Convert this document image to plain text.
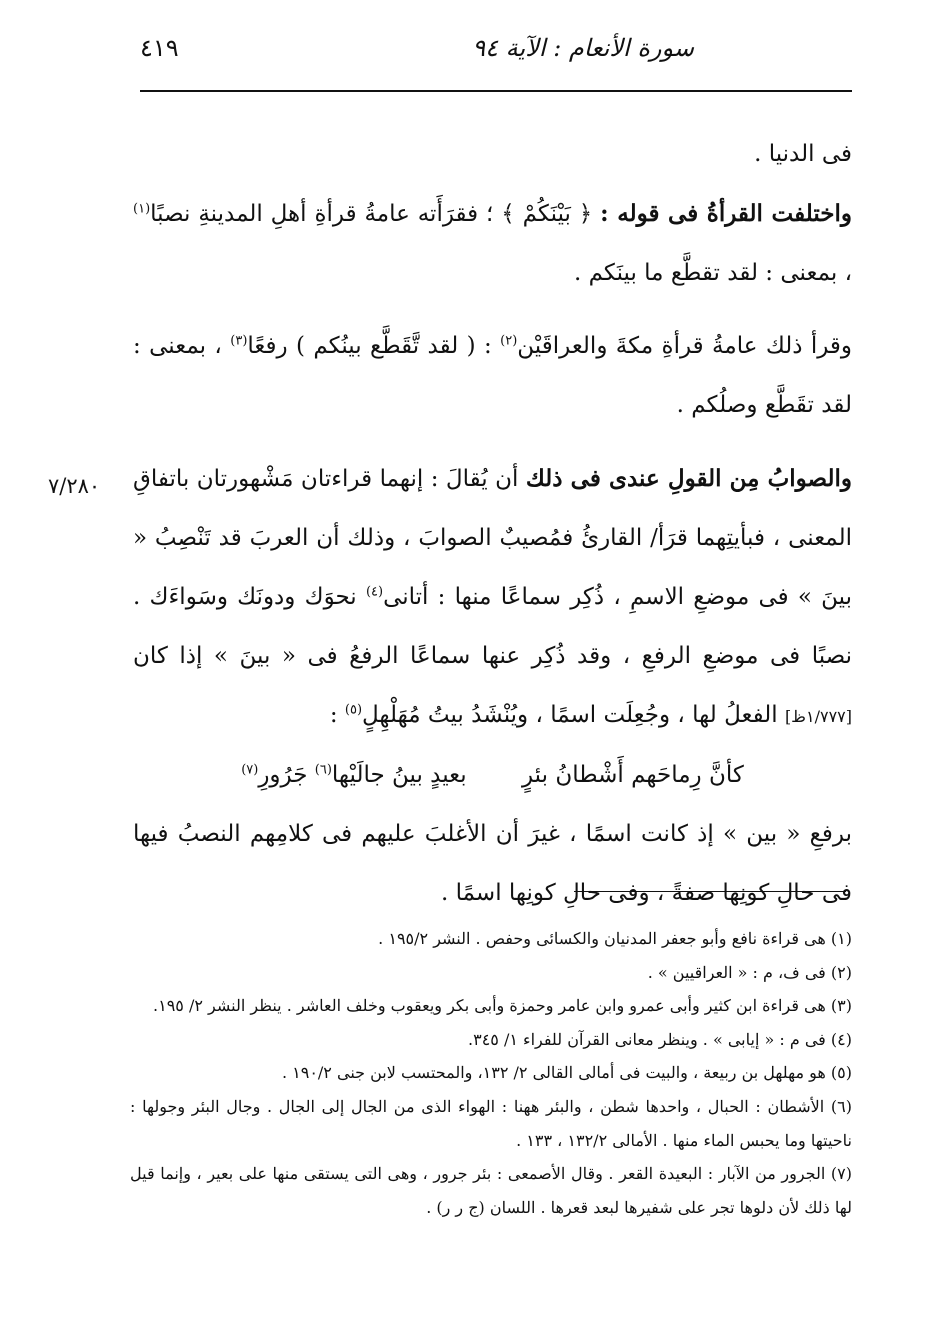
٤١٩	سورة الأنعام : الآية ٩٤
٧/٢٨٠

فى الدنيا .

واختلفت القرأةُ فى قوله : ﴿ بَيْنَكُمْ ﴾ ؛ فقرَأَته عامةُ قرأةِ أهلِ المدينةِ نصبًا$^{(١)}$ ، بمعنى : لقد تقطَّع ما بينَكم .

وقرأ ذلك عامةُ قرأةِ مكةَ والعراقَيْن$^{(٢)}$ : ( لقد تَّقَطَّع بينُكم ) رفعًا$^{(٣)}$ ، بمعنى : لقد تقَطَّع وصلُكم .

والصوابُ مِن القولِ عندى فى ذلك أن يُقالَ : إنهما قراءتان مَشْهورتان باتفاقِ المعنى ، فبأيتِهما قرَأ/ القارئُ فمُصيبٌ الصوابَ ، وذلك أن العربَ قد تَنْصِبُ « بينَ » فى موضعِ الاسمِ ، ذُكِر سماعًا منها : أتانى$^{(٤)}$ نحوَك ودونَك وسَواءَك . نصبًا فى موضعِ الرفعِ ، وقد ذُكِر عنها سماعًا الرفعُ فى « بينَ » إذا كان [١/٧٧٧ظ] الفعلُ لها ، وجُعِلَت اسمًا ، ويُنْشَدُ بيتُ مُهَلْهِلٍ$^{(٥)}$ :

كأنَّ رِماحَهم أَشْطانُ بئرٍ بعيدٍ بينُ جالَيْها$^{(٦)}$ جَرُورِ$^{(٧)}$

برفعِ « بين » إذ كانت اسمًا ، غيرَ أن الأغلبَ عليهم فى كلامِهم النصبُ فيها فى حالِ كونِها صفةً ، وفى حالِ كونِها اسمًا .

(١) هى قراءة نافع وأبو جعفر المدنيان والكسائى وحفص . النشر ١٩٥/٢ .

(٢) فى ف، م : « العراقيين » .

(٣) هى قراءة ابن كثير وأبى عمرو وابن عامر وحمزة وأبى بكر ويعقوب وخلف العاشر . ينظر النشر ٢/ ١٩٥.

(٤) فى م : « إيابى » . وينظر معانى القرآن للفراء ١/ ٣٤٥.

(٥) هو مهلهل بن ربيعة ، والبيت فى أمالى القالى ٢/ ١٣٢، والمحتسب لابن جنى ١٩٠/٢ .

(٦) الأشطان : الحبال ، واحدها شطن ، والبئر ههنا : الهواء الذى من الجال إلى الجال . وجال البئر وجولها : ناحيتها وما يحبس الماء منها . الأمالى ١٣٢/٢ ، ١٣٣ .

(٧) الجرور من الآبار : البعيدة القعر . وقال الأصمعى : بئر جرور ، وهى التى يستقى منها على بعير ، وإنما قيل لها ذلك لأن دلوها تجر على شفيرها لبعد قعرها . اللسان (ج ر ر) .
